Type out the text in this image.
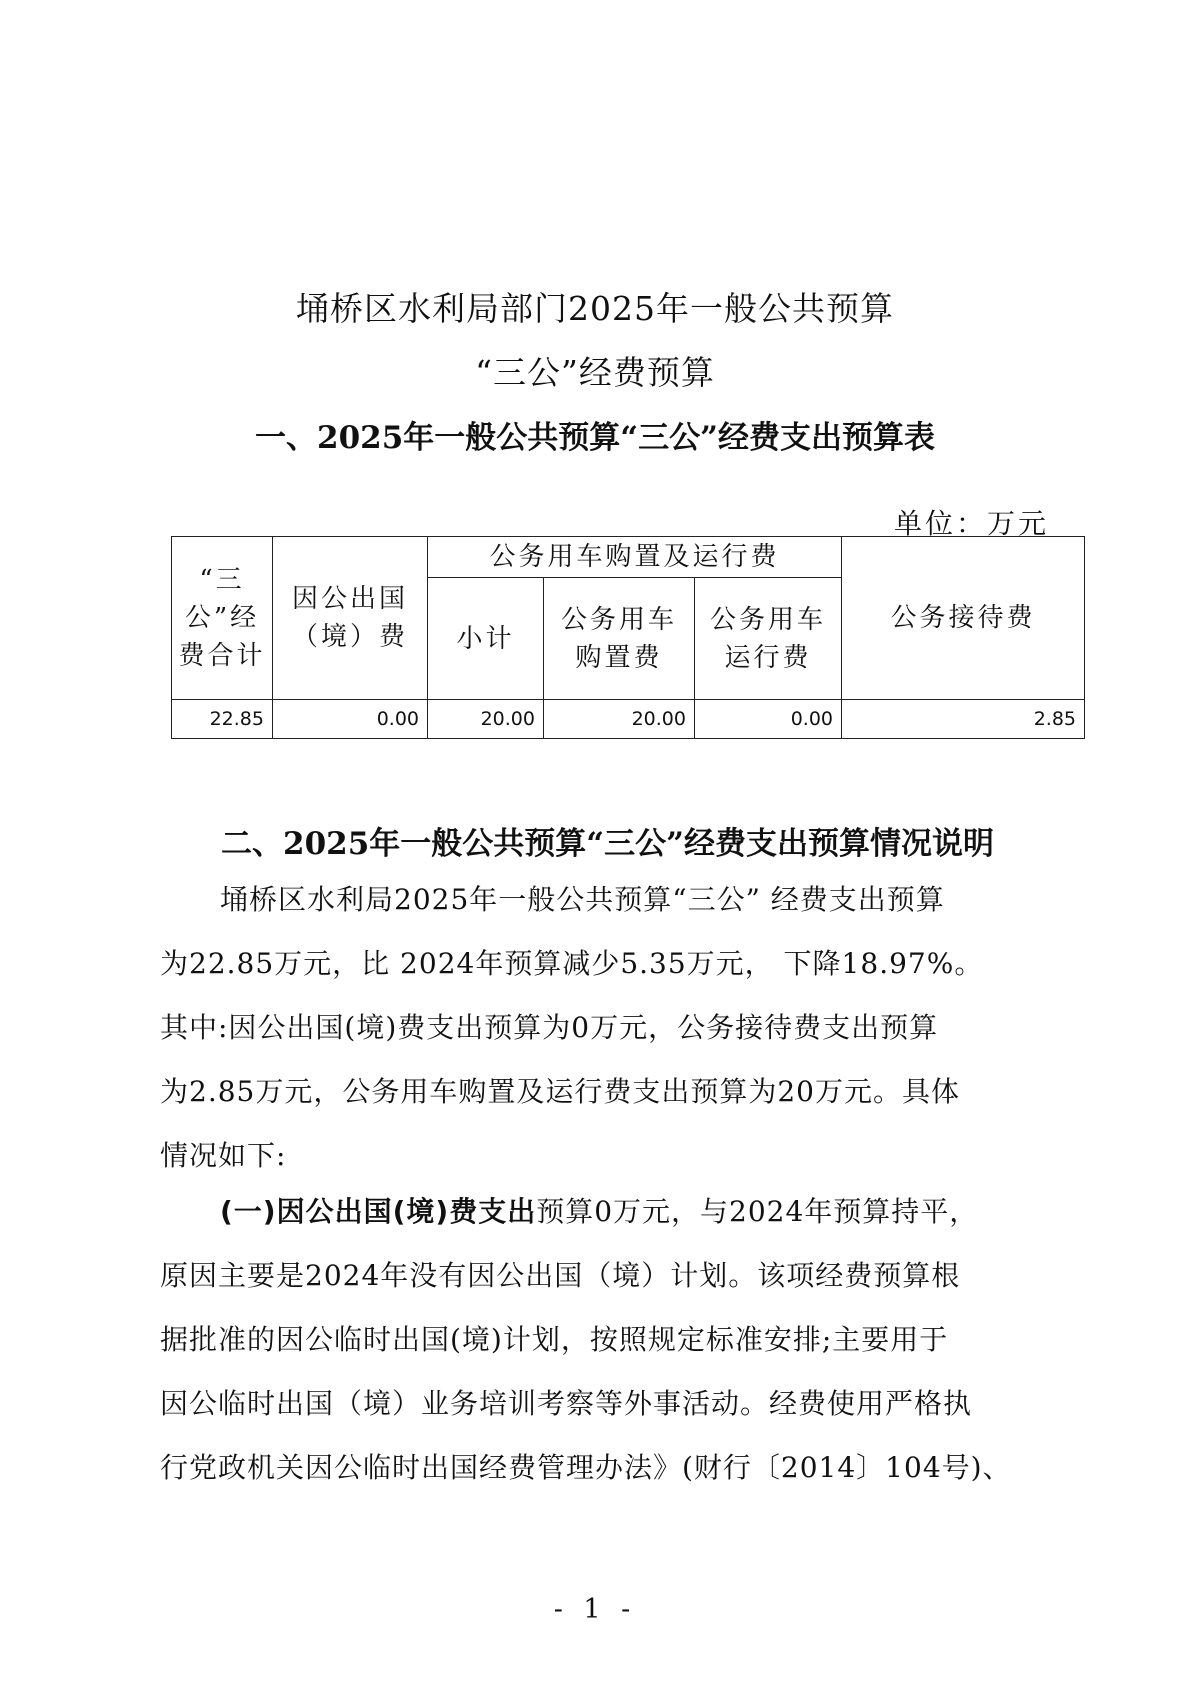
埇桥区水利局部门2025年一般公共预算
“三公”经费预算
一、2025年一般公共预算“三公”经费支出预算表
单位：万元
“三公”经费合计	因公出国（境）费	公务用车购置及运行费			公务接待费
		小计	公务用车购置费	公务用车运行费	
22.85	0.00	20.00	20.00	0.00	2.85
二、2025年一般公共预算“三公”经费支出预算情况说明
埇桥区水利局2025年一般公共预算“三公” 经费支出预算
为22.85万元，比 2024年预算减少5.35万元， 下降18.97%。
其中:因公出国(境)费支出预算为0万元，公务接待费支出预算
为2.85万元，公务用车购置及运行费支出预算为20万元。具体
情况如下:
(一)因公出国(境)费支出预算0万元，与2024年预算持平，
原因主要是2024年没有因公出国（境）计划。该项经费预算根
据批准的因公临时出国(境)计划，按照规定标准安排;主要用于
因公临时出国（境）业务培训考察等外事活动。经费使用严格执
行党政机关因公临时出国经费管理办法》(财行〔2014〕104号)、
- 1 -
